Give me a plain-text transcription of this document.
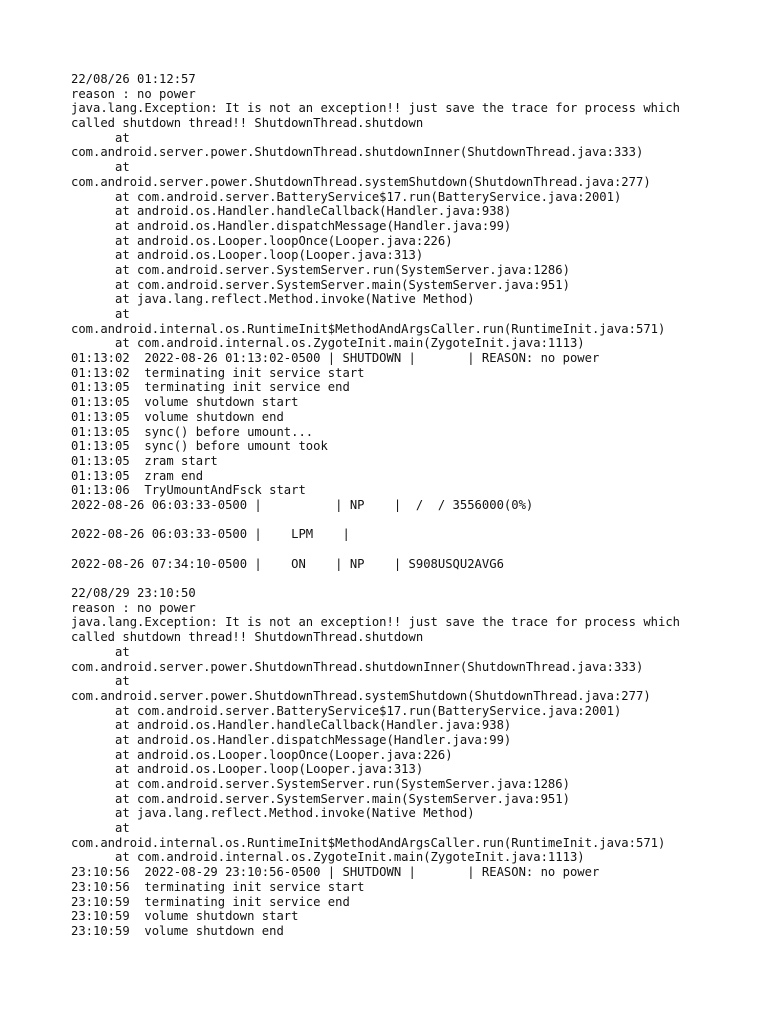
22/08/26 01:12:57
reason : no power
java.lang.Exception: It is not an exception!! just save the trace for process which
called shutdown thread!! ShutdownThread.shutdown
at
com.android.server.power.ShutdownThread.shutdownInner(ShutdownThread.java:333)
at
com.android.server.power.ShutdownThread.systemShutdown(ShutdownThread.java:277)
at com.android.server.BatteryService$17.run(BatteryService.java:2001)
at android.os.Handler.handleCallback(Handler.java:938)
at android.os.Handler.dispatchMessage(Handler.java:99)
at android.os.Looper.loopOnce(Looper.java:226)
at android.os.Looper.loop(Looper.java:313)
at com.android.server.SystemServer.run(SystemServer.java:1286)
at com.android.server.SystemServer.main(SystemServer.java:951)
at java.lang.reflect.Method.invoke(Native Method)
at
com.android.internal.os.RuntimeInit$MethodAndArgsCaller.run(RuntimeInit.java:571)
at com.android.internal.os.ZygoteInit.main(ZygoteInit.java:1113)
01:13:02  2022-08-26 01:13:02-0500 | SHUTDOWN |       | REASON: no power
01:13:02  terminating init service start
01:13:05  terminating init service end
01:13:05  volume shutdown start
01:13:05  volume shutdown end
01:13:05  sync() before umount...
01:13:05  sync() before umount took
01:13:05  zram start
01:13:05  zram end
01:13:06  TryUmountAndFsck start
2022-08-26 06:03:33-0500 |          | NP    |  /  / 3556000(0%)
2022-08-26 06:03:33-0500 |    LPM    |
2022-08-26 07:34:10-0500 |    ON    | NP    | S908USQU2AVG6
22/08/29 23:10:50
reason : no power
java.lang.Exception: It is not an exception!! just save the trace for process which
called shutdown thread!! ShutdownThread.shutdown
at
com.android.server.power.ShutdownThread.shutdownInner(ShutdownThread.java:333)
at
com.android.server.power.ShutdownThread.systemShutdown(ShutdownThread.java:277)
at com.android.server.BatteryService$17.run(BatteryService.java:2001)
at android.os.Handler.handleCallback(Handler.java:938)
at android.os.Handler.dispatchMessage(Handler.java:99)
at android.os.Looper.loopOnce(Looper.java:226)
at android.os.Looper.loop(Looper.java:313)
at com.android.server.SystemServer.run(SystemServer.java:1286)
at com.android.server.SystemServer.main(SystemServer.java:951)
at java.lang.reflect.Method.invoke(Native Method)
at
com.android.internal.os.RuntimeInit$MethodAndArgsCaller.run(RuntimeInit.java:571)
at com.android.internal.os.ZygoteInit.main(ZygoteInit.java:1113)
23:10:56  2022-08-29 23:10:56-0500 | SHUTDOWN |       | REASON: no power
23:10:56  terminating init service start
23:10:59  terminating init service end
23:10:59  volume shutdown start
23:10:59  volume shutdown end
